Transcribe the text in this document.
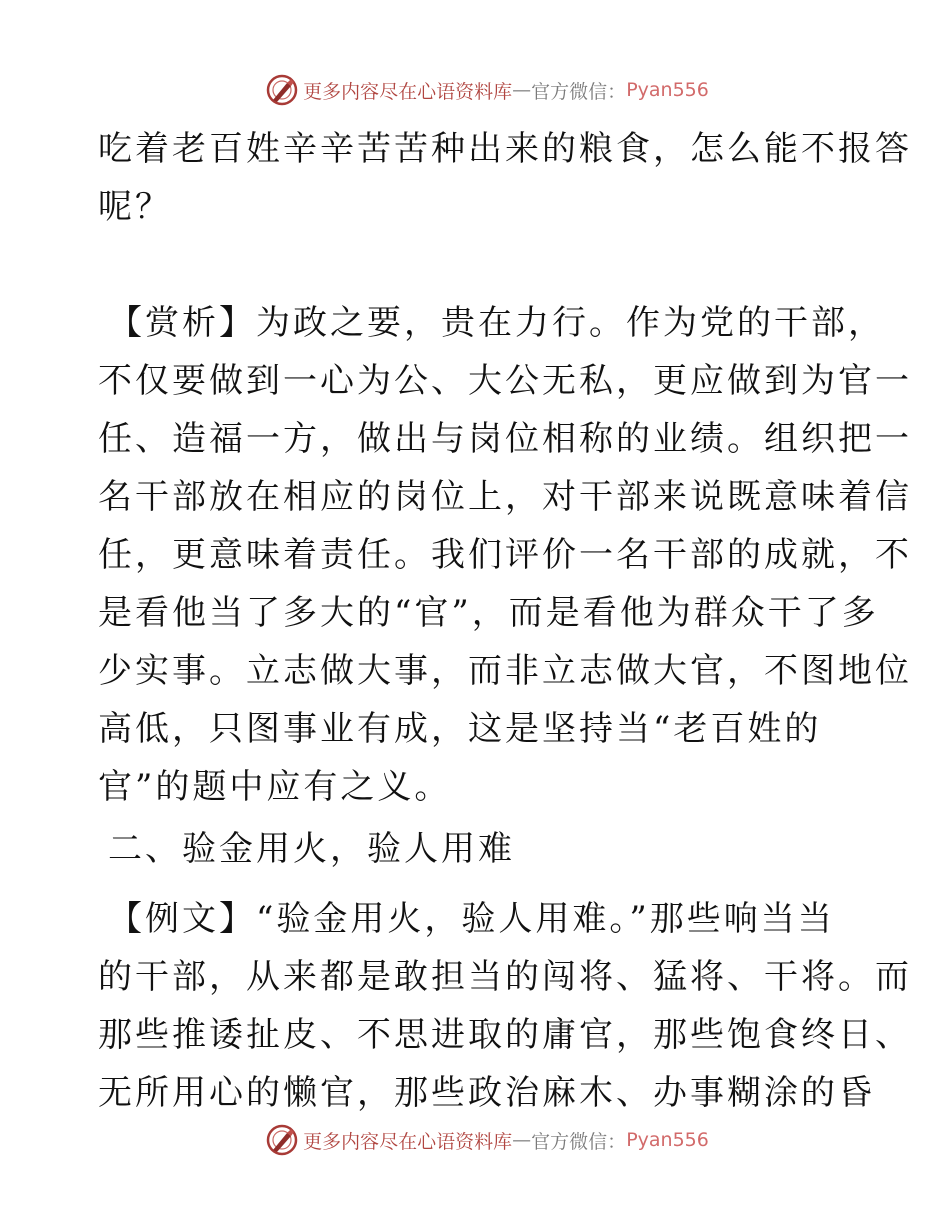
更多内容尽在心语资料库 — 官方微信： Pyan556
吃着老百姓辛辛苦苦种出来的粮食，怎么能不报答
呢？
【赏析】为政之要，贵在力行。作为党的干部，
不仅要做到一心为公、大公无私，更应做到为官一
任、造福一方，做出与岗位相称的业绩。组织把一
名干部放在相应的岗位上，对干部来说既意味着信
任，更意味着责任。我们评价一名干部的成就，不
是看他当了多大的“官”，而是看他为群众干了多
少实事。立志做大事，而非立志做大官，不图地位
高低，只图事业有成，这是坚持当“老百姓的
官”的题中应有之义。
二、验金用火，验人用难
【例文】“验金用火，验人用难。”那些响当当
的干部，从来都是敢担当的闯将、猛将、干将。而
那些推诿扯皮、不思进取的庸官，那些饱食终日、
无所用心的懒官，那些政治麻木、办事糊涂的昏
更多内容尽在心语资料库 — 官方微信： Pyan556
